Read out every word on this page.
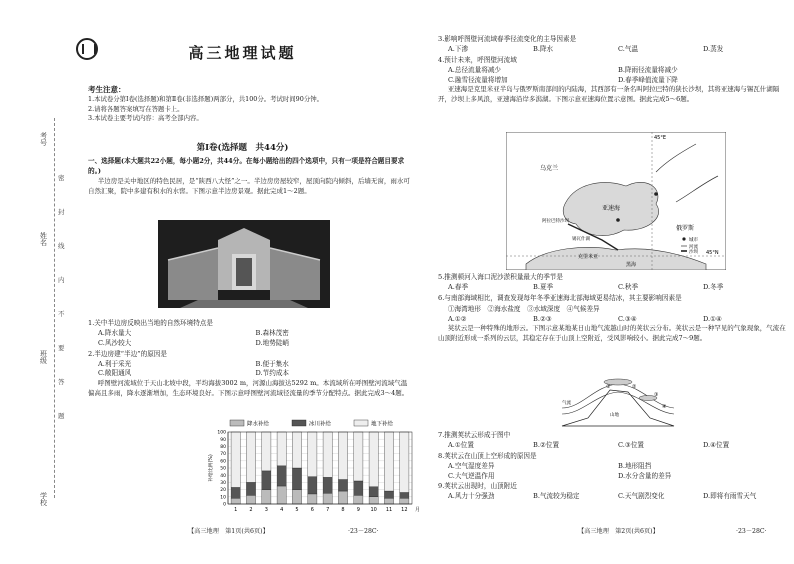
考号
姓名
班级
学校
密
封
线
内
不
要
答
题
高三地理试题
考生注意：
1.本试卷分第Ⅰ卷(选择题)和第Ⅱ卷(非选择题)两部分，共100分。考试时间90分钟。
2.请将各题答案填写在答题卡上。
3.本试卷主要考试内容：高考全部内容。
第Ⅰ卷(选择题　共44分)
一、选择题(本大题共22小题，每小题2分，共44分。在每小题给出的四个选项中，只有一项是符合题目要求的。)
半边房是关中地区的特色民居，是“陕西八大怪”之一。半边房房屋较窄，屋顶向院内倾斜，后墙无窗，雨水可自然汇聚，院中多建有积水的水窖。下图示意半边房景观。据此完成1～2题。
1.关中半边房反映出当地的自然环境特点是
A.降水量大	B.森林茂密
C.风沙较大	D.地势陡峭
2.半边房建“半边”的原因是
A.利于采光	B.便于集水
C.敞阳通风	D.节约成本
呼图壁河流域位于天山北坡中段，平均海拔3002 m，河源山海拔达5292 m。本流域所在呼图壁河流域气温偏高且多雨，降水逐渐增加，生态环境良好。下图示意呼图壁河流域径流量的季节分配特点。据此完成3～4题。
降水补给	冰川补给	地下补给
0
10
20
30
40
50
60
70
80
90
100
补给比例(%)
1 2 3 4 5 6 7 8 9 10 11 12 月
【高三地理　第1页(共6页)】	·23－28C·
3.影响呼图壁河流域春季径流变化的主导因素是
A.下渗	B.降水	C.气温	D.蒸发
4.预计未来，呼图壁河流域
A.总径流量将减少	B.降雨径流量将减少
C.融雪径流量将增加	D.春季峰值流量下降
亚速海是克里米亚半岛与俄罗斯南部间的内陆海，其西部有一条名叫阿拉巴特的狭长沙坝，其将亚速海与锡瓦什湖隔开，沙坝上多风浪，亚速海沿岸多潟湖。下图示意亚速海位置示意图。据此完成5～6题。
45°E
乌克兰
亚速海
俄罗斯
阿拉巴特沙坝
锡瓦什湖
克里米亚
黑海
45°N
城市
河流
沙坝
5.推测顿河入海口泥沙淤积量最大的季节是
A.春季	B.夏季	C.秋季	D.冬季
6.与南部海域相比，调查发现每年冬季亚速海北部海域更易结冰，其主要影响因素是
①海湾地形　②海水盐度　③水域深度　④气候差异
A.①②	B.②③	C.③④	D.①④
荚状云是一种特殊的地形云。下图示意某地某日山地气流越山时的荚状云分布。荚状云是一种罕见的气象现象，气流在山顶附近形成一系列的云层，其稳定存在于山顶上空附近，受风影响较小。据此完成7～9题。
①	②
③
④
气流
山地
7.推测荚状云形成于图中
A.①位置	B.②位置	C.③位置	D.④位置
8.荚状云在山顶上空形成的原因是
A.空气湿度差异	B.地形阻挡
C.大气逆温作用	D.水分含量的差异
9.荚状云出现时，山顶附近
A.风力十分强劲	B.气流较为稳定	C.天气剧烈变化	D.即将有雨雪天气
【高三地理　第2页(共6页)】	·23－28C·
